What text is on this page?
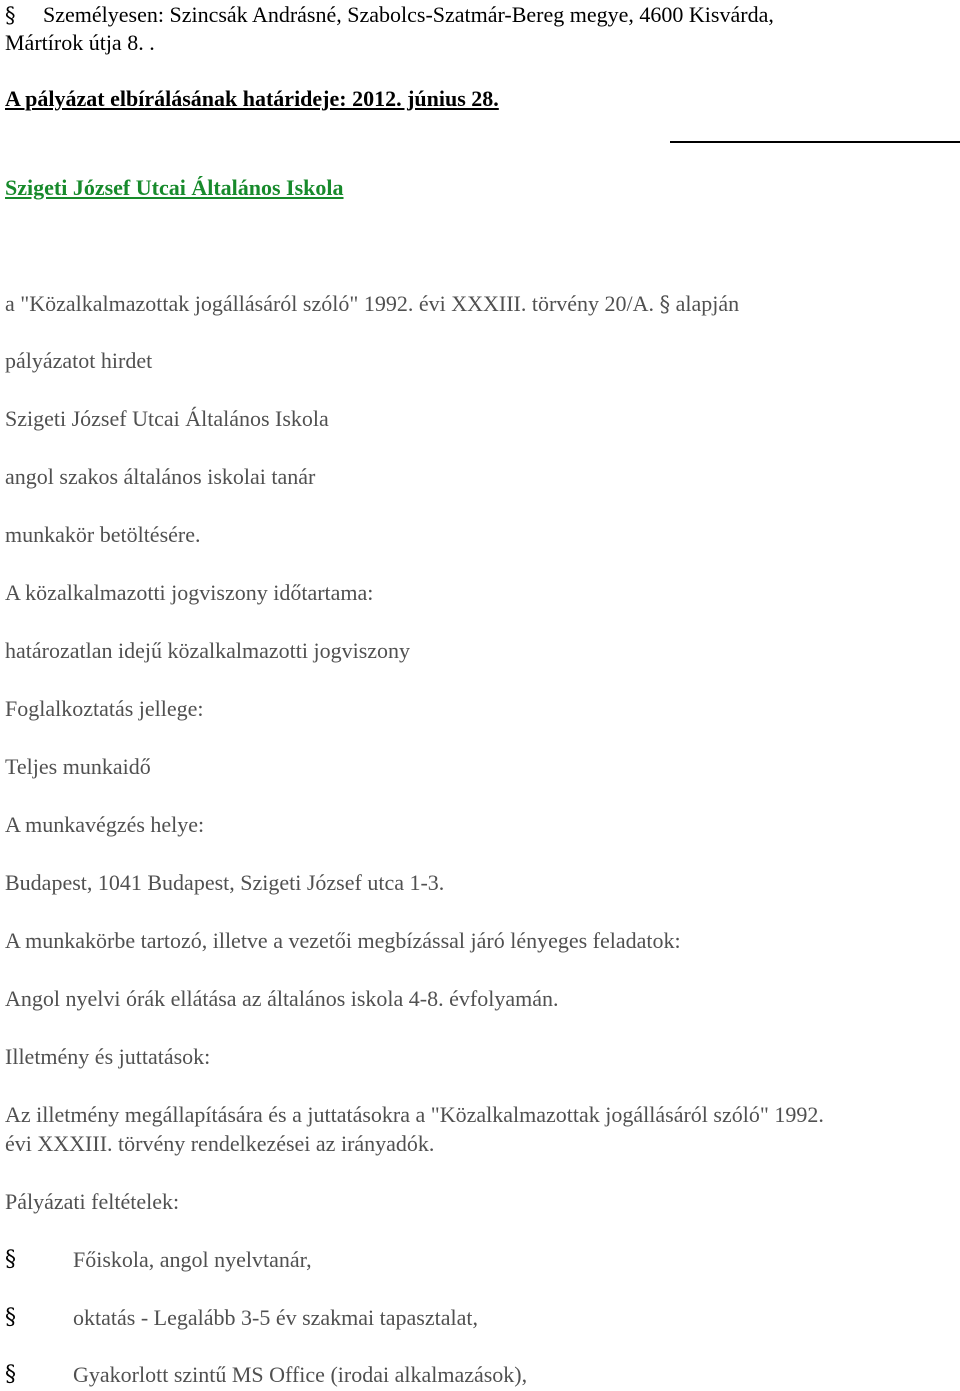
§ Személyesen: Szincsák Andrásné, Szabolcs-Szatmár-Bereg megye, 4600 Kisvárda,
Mártírok útja 8. .
A pályázat elbírálásának határideje: 2012. június 28.
Szigeti József Utcai Általános Iskola
a "Közalkalmazottak jogállásáról szóló" 1992. évi XXXIII. törvény 20/A. § alapján
pályázatot hirdet
Szigeti József Utcai Általános Iskola
angol szakos általános iskolai tanár
munkakör betöltésére.
A közalkalmazotti jogviszony időtartama:
határozatlan idejű közalkalmazotti jogviszony
Foglalkoztatás jellege:
Teljes munkaidő
A munkavégzés helye:
Budapest, 1041 Budapest, Szigeti József utca 1-3.
A munkakörbe tartozó, illetve a vezetői megbízással járó lényeges feladatok:
Angol nyelvi órák ellátása az általános iskola 4-8. évfolyamán.
Illetmény és juttatások:
Az illetmény megállapítására és a juttatásokra a "Közalkalmazottak jogállásáról szóló" 1992.
évi XXXIII. törvény rendelkezései az irányadók.
Pályázati feltételek:
§	Főiskola, angol nyelvtanár,
§	oktatás - Legalább 3-5 év szakmai tapasztalat,
§	Gyakorlott szintű MS Office (irodai alkalmazások),
